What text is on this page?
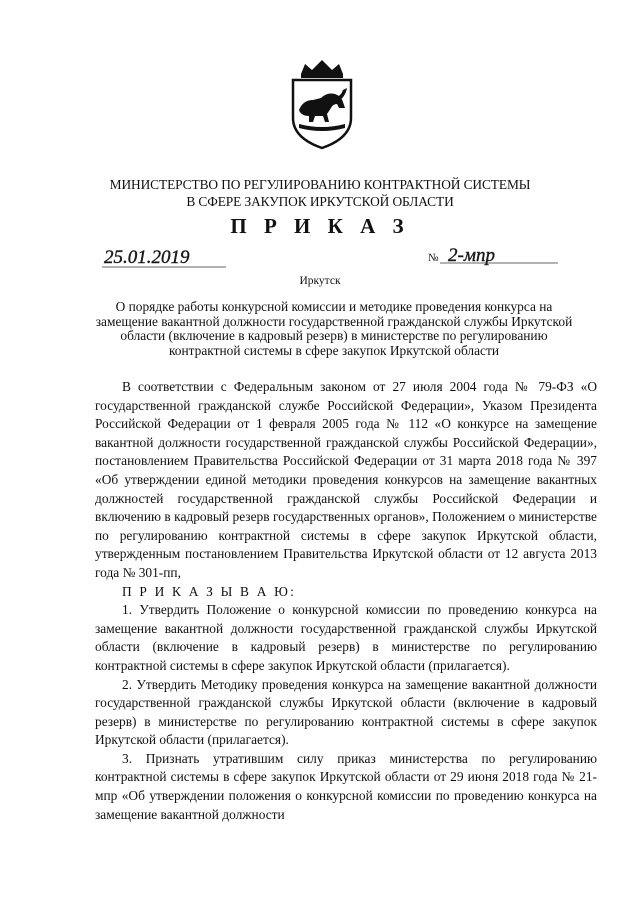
МИНИСТЕРСТВО ПО РЕГУЛИРОВАНИЮ КОНТРАКТНОЙ СИСТЕМЫ
В СФЕРЕ ЗАКУПОК ИРКУТСКОЙ ОБЛАСТИ
П Р И К А З
25.01.2019	№ 2-мпр
Иркутск
О порядке работы конкурсной комиссии и методике проведения конкурса на замещение вакантной должности государственной гражданской службы Иркутской области (включение в кадровый резерв) в министерстве по регулированию контрактной системы в сфере закупок Иркутской области

В соответствии с Федеральным законом от 27 июля 2004 года № 79-ФЗ «О государственной гражданской службе Российской Федерации», Указом Президента Российской Федерации от 1 февраля 2005 года № 112 «О конкурсе на замещение вакантной должности государственной гражданской службы Российской Федерации», постановлением Правительства Российской Федерации от 31 марта 2018 года № 397 «Об утверждении единой методики проведения конкурсов на замещение вакантных должностей государственной гражданской службы Российской Федерации и включению в кадровый резерв государственных органов», Положением о министерстве по регулированию контрактной системы в сфере закупок Иркутской области, утвержденным постановлением Правительства Иркутской области от 12 августа 2013 года № 301-пп,

П Р И К А З Ы В А Ю:

1. Утвердить Положение о конкурсной комиссии по проведению конкурса на замещение вакантной должности государственной гражданской службы Иркутской области (включение в кадровый резерв) в министерстве по регулированию контрактной системы в сфере закупок Иркутской области (прилагается).

2. Утвердить Методику проведения конкурса на замещение вакантной должности государственной гражданской службы Иркутской области (включение в кадровый резерв) в министерстве по регулированию контрактной системы в сфере закупок Иркутской области (прилагается).

3. Признать утратившим силу приказ министерства по регулированию контрактной системы в сфере закупок Иркутской области от 29 июня 2018 года № 21-мпр «Об утверждении положения о конкурсной комиссии по проведению конкурса на замещение вакантной должности
